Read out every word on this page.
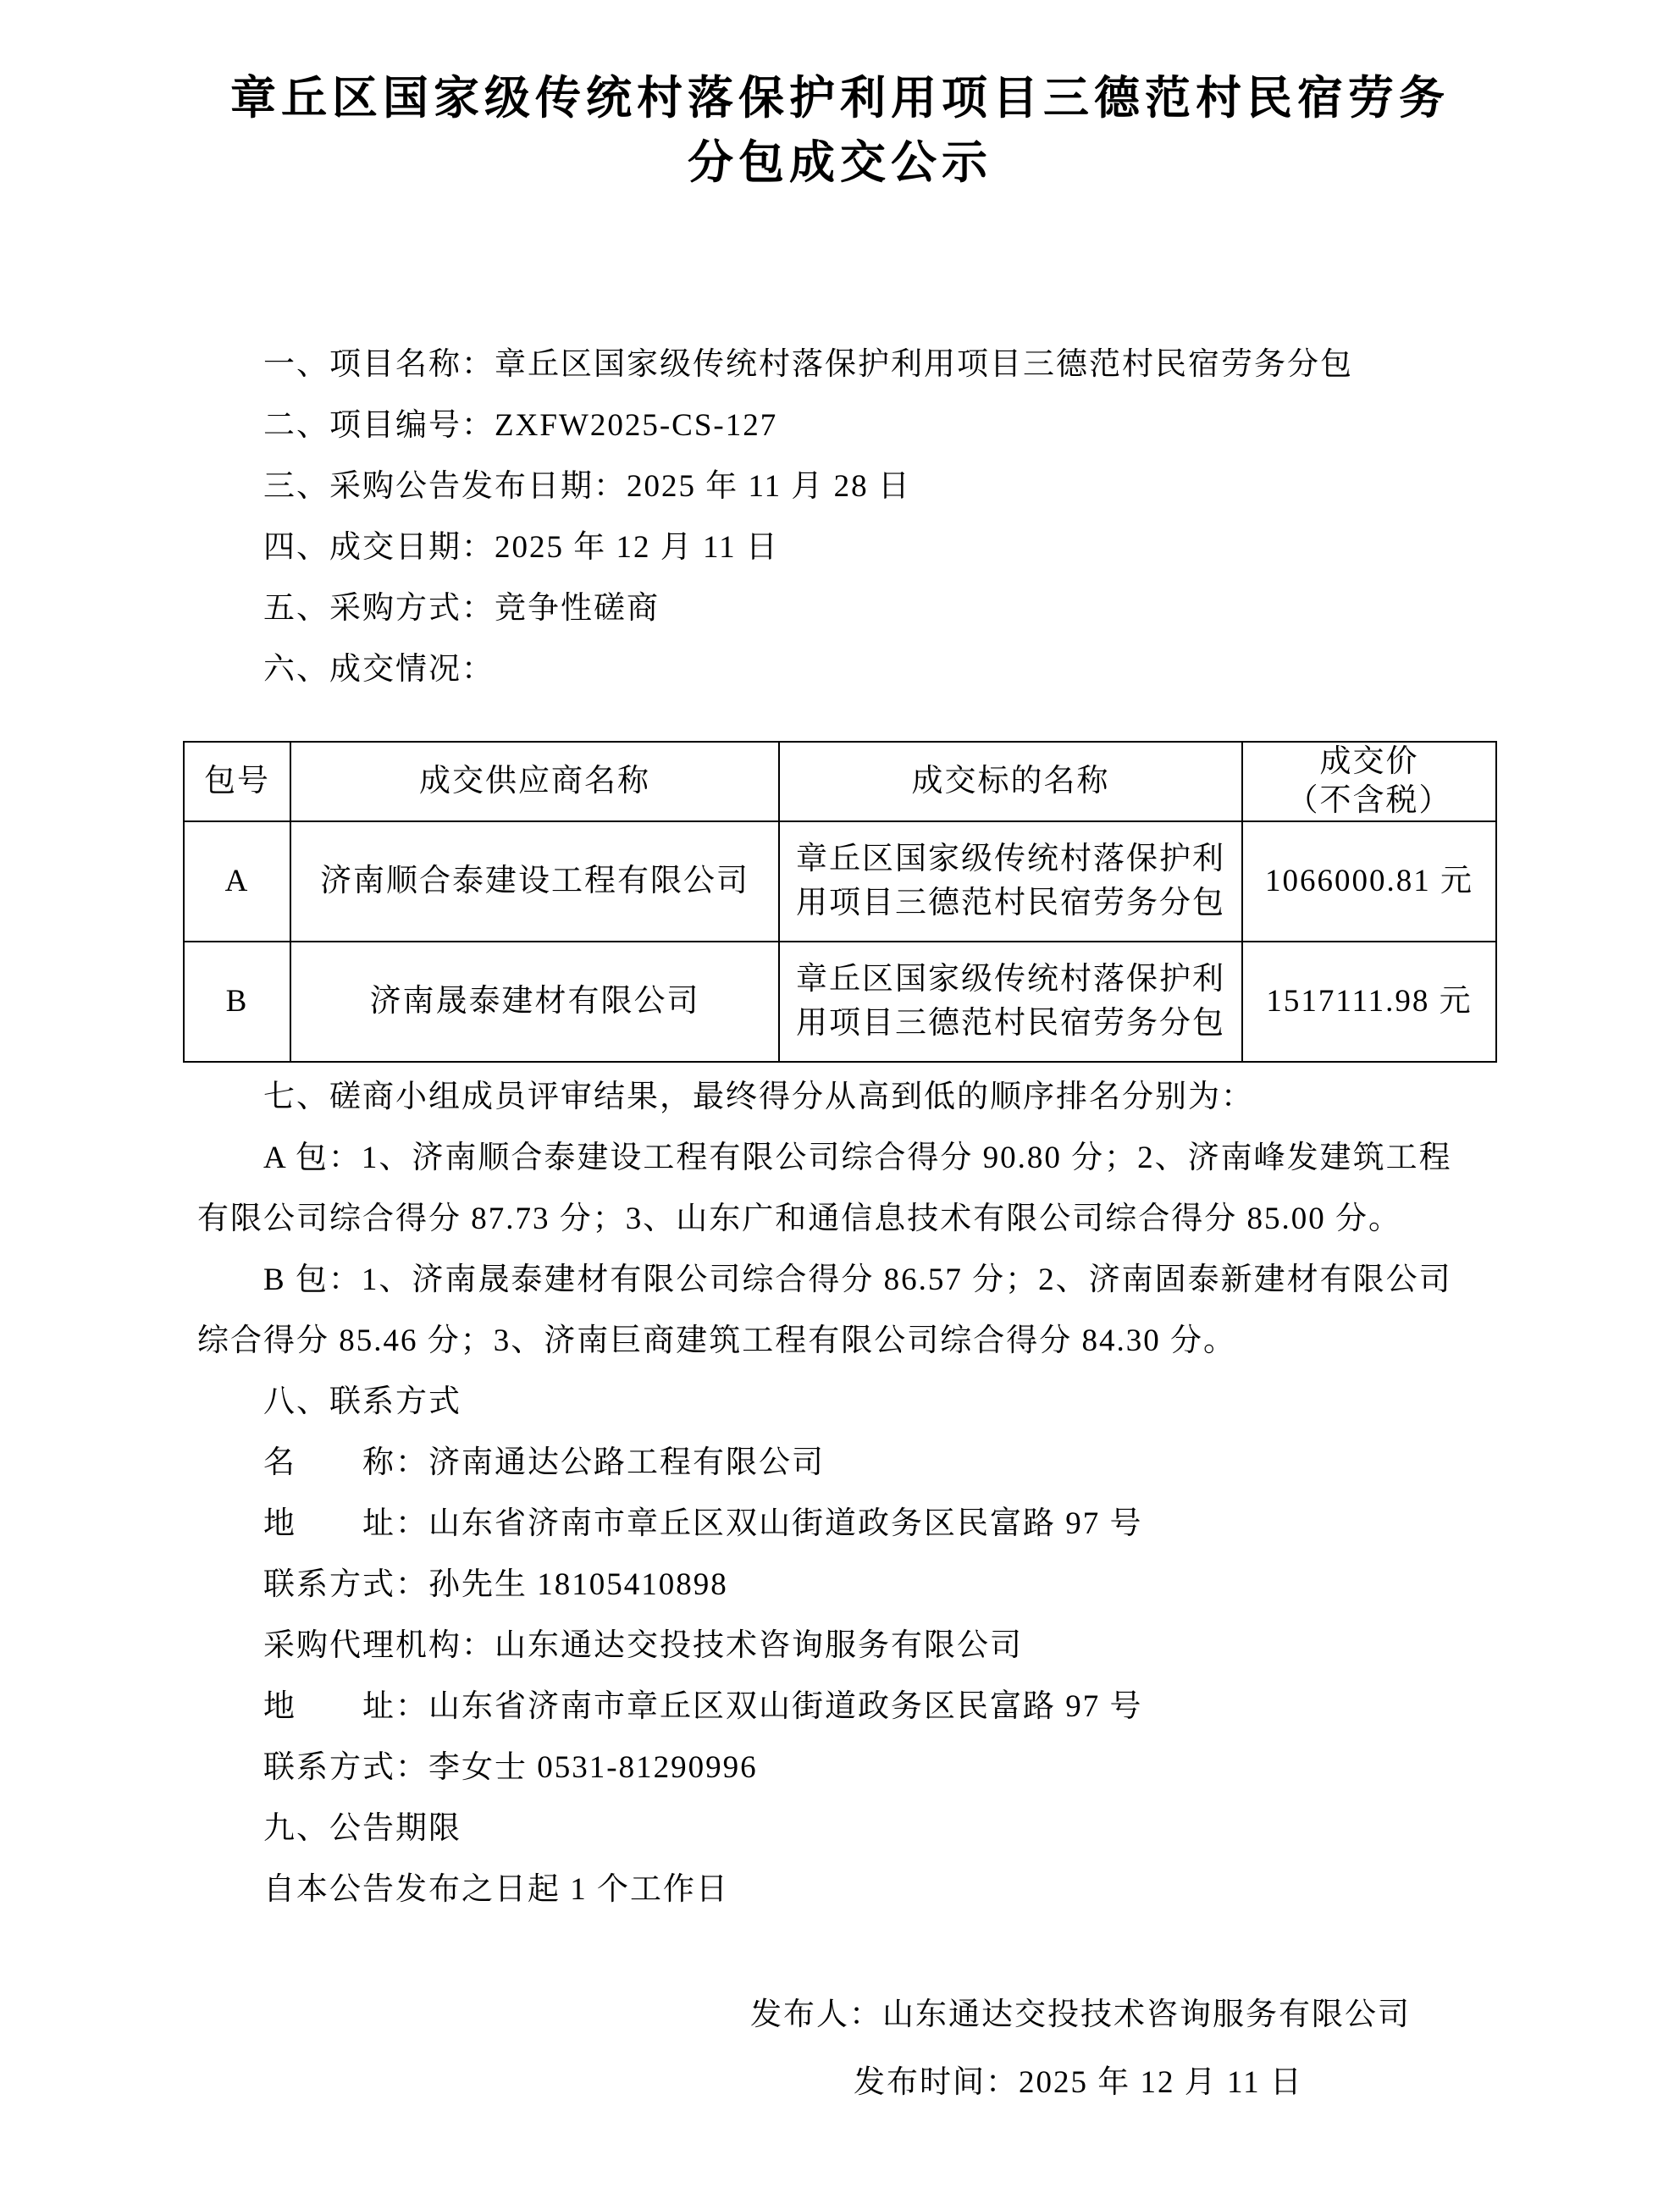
章丘区国家级传统村落保护利用项目三德范村民宿劳务
分包成交公示

一、项目名称：章丘区国家级传统村落保护利用项目三德范村民宿劳务分包

二、项目编号：ZXFW2025-CS-127

三、采购公告发布日期：2025 年 11 月 28 日

四、成交日期：2025 年 12 月 11 日

五、采购方式：竞争性磋商

六、成交情况：

包号	成交供应商名称	成交标的名称	成交价
（不含税）

A	济南顺合泰建设工程有限公司	章丘区国家级传统村落保护利用项目三德范村民宿劳务分包	1066000.81 元
B	济南晟泰建材有限公司	章丘区国家级传统村落保护利用项目三德范村民宿劳务分包	1517111.98 元

七、磋商小组成员评审结果，最终得分从高到低的顺序排名分别为：

A 包：1、济南顺合泰建设工程有限公司综合得分 90.80 分；2、济南峰发建筑工程

有限公司综合得分 87.73 分；3、山东广和通信息技术有限公司综合得分 85.00 分。

B 包：1、济南晟泰建材有限公司综合得分 86.57 分；2、济南固泰新建材有限公司

综合得分 85.46 分；3、济南巨商建筑工程有限公司综合得分 84.30 分。

八、联系方式

名　　称：济南通达公路工程有限公司

地　　址：山东省济南市章丘区双山街道政务区民富路 97 号

联系方式：孙先生 18105410898

采购代理机构：山东通达交投技术咨询服务有限公司

地　　址：山东省济南市章丘区双山街道政务区民富路 97 号

联系方式：李女士 0531-81290996

九、公告期限

自本公告发布之日起 1 个工作日

发布人：山东通达交投技术咨询服务有限公司
发布时间：2025 年 12 月 11 日
